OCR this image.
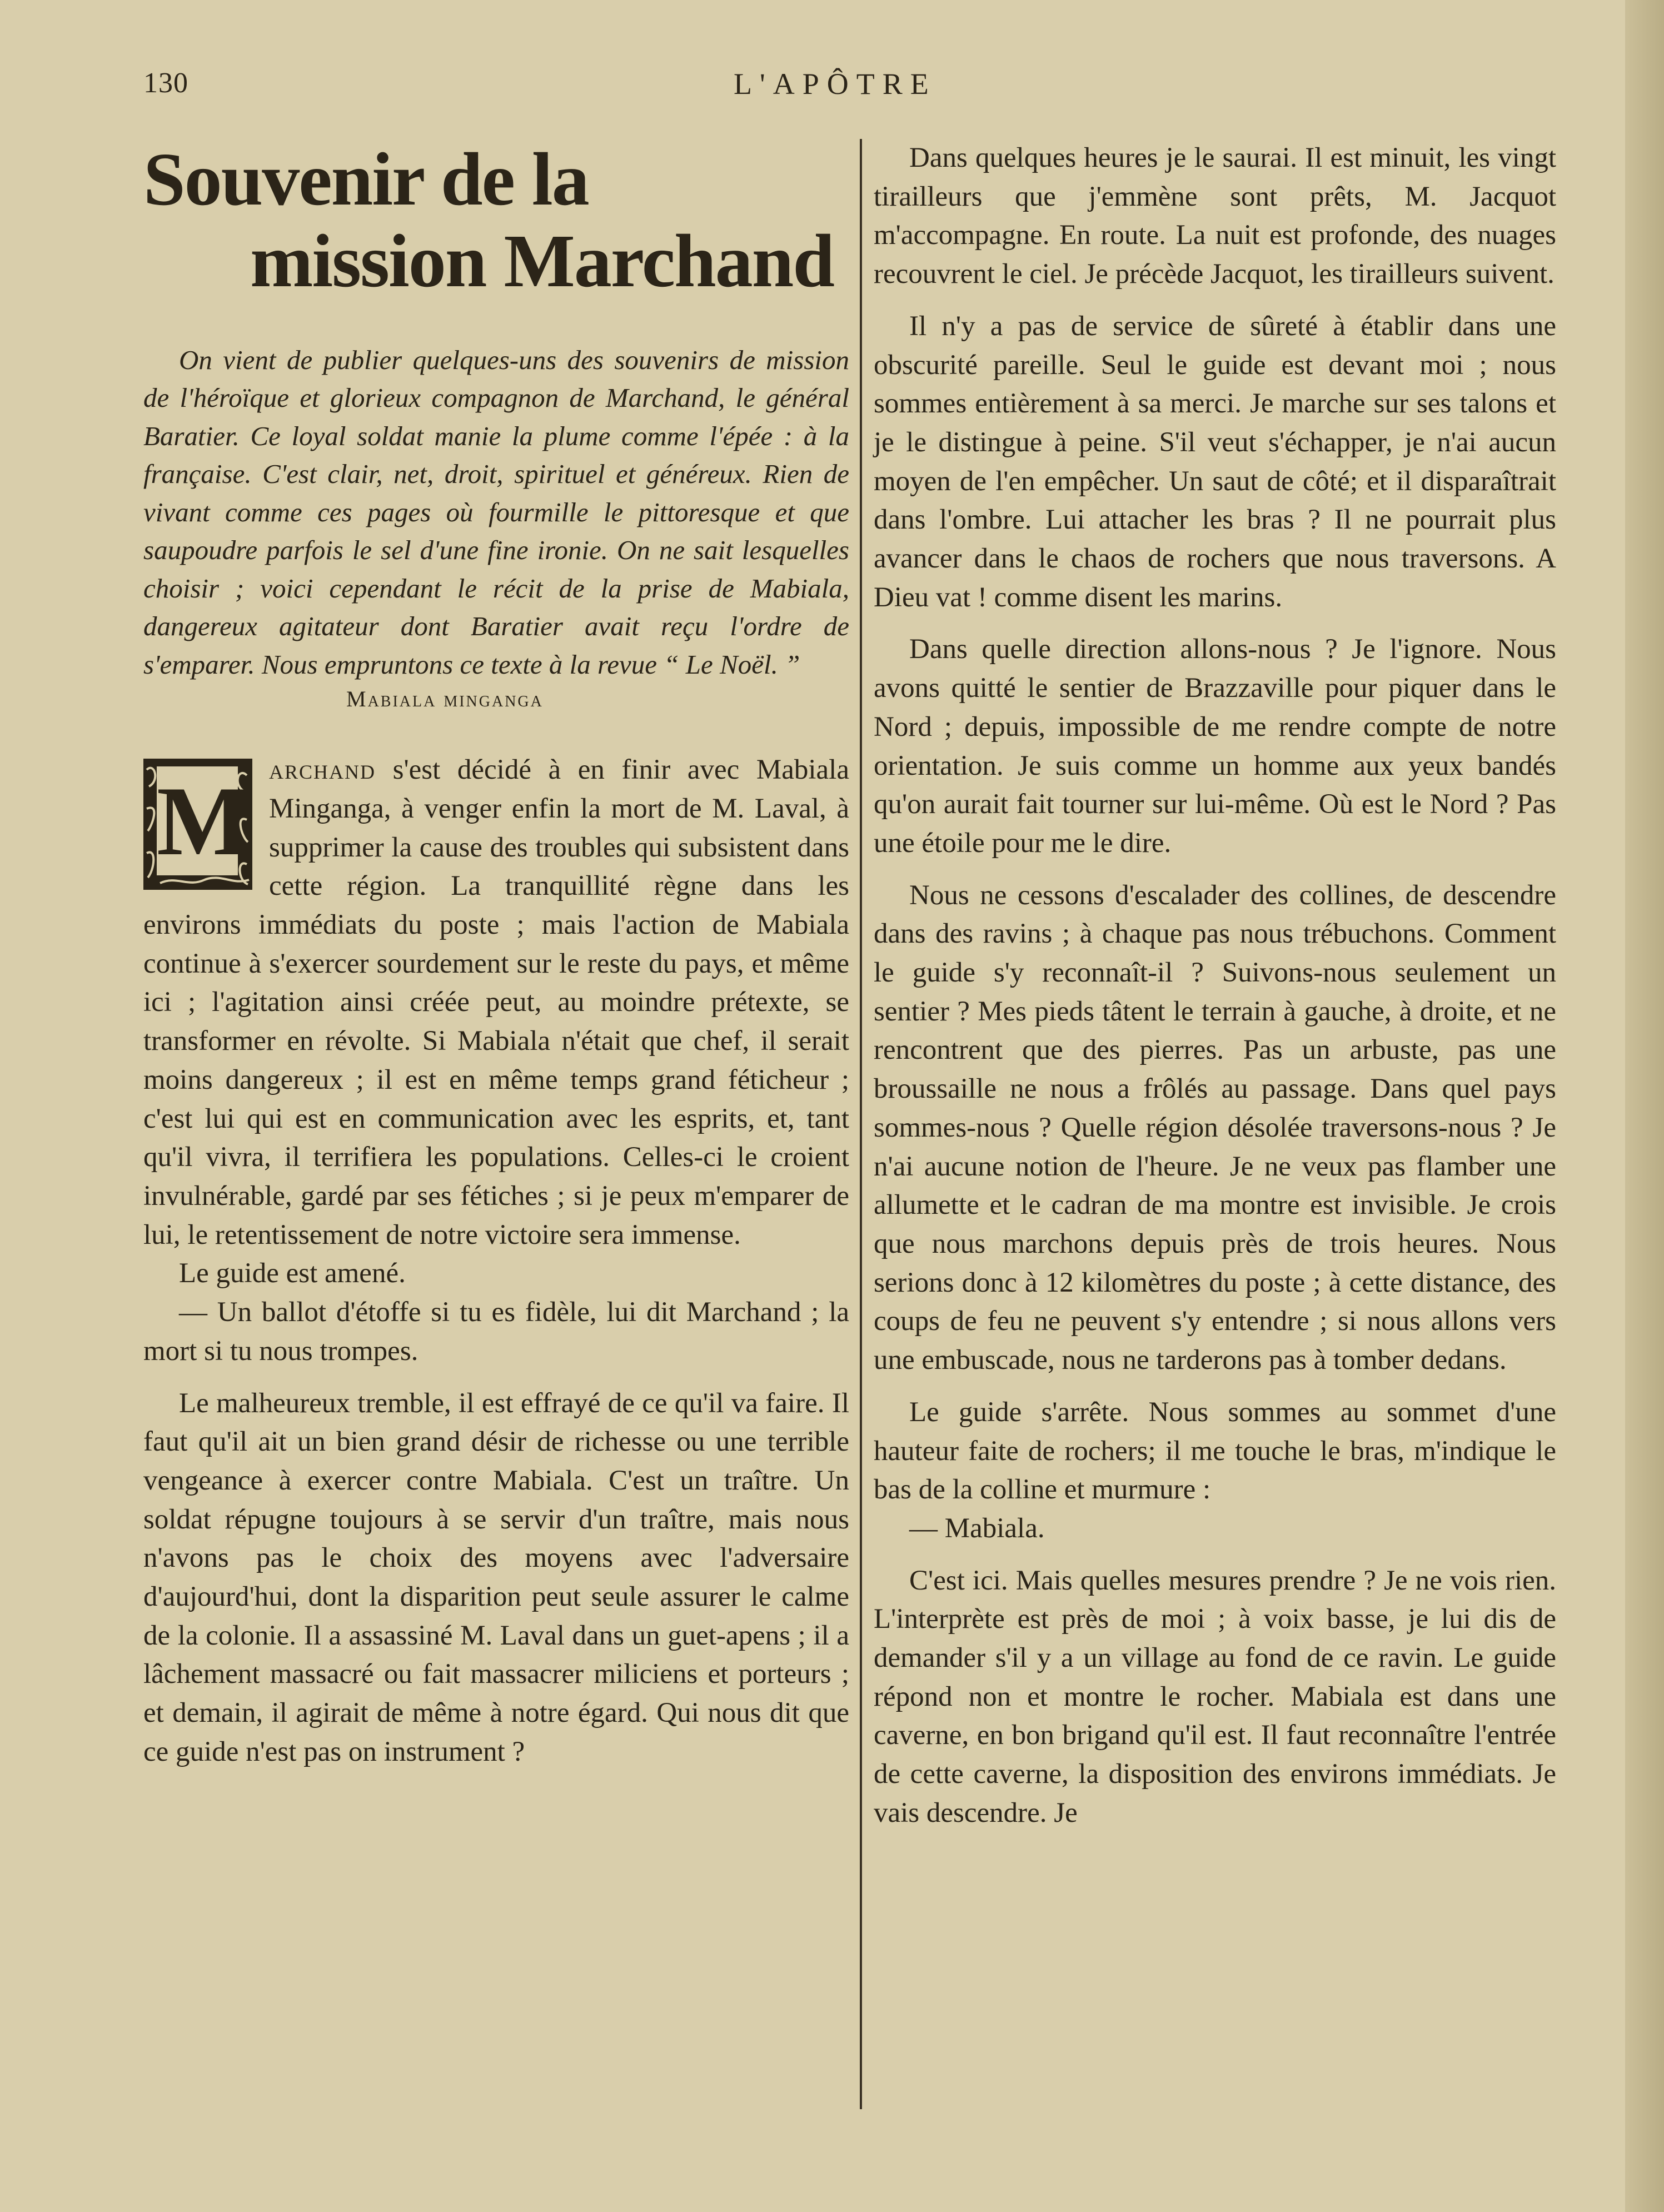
130	L'APÔTRE
Souvenir de la
mission Marchand
On vient de publier quelques-uns des souvenirs de mission de l'héroïque et glorieux compagnon de Marchand, le général Baratier. Ce loyal soldat manie la plume comme l'épée : à la française. C'est clair, net, droit, spirituel et généreux. Rien de vivant comme ces pages où fourmille le pittoresque et que saupoudre parfois le sel d'une fine ironie. On ne sait lesquelles choisir ; voici cependant le récit de la prise de Mabiala, dangereux agitateur dont Baratier avait reçu l'ordre de s'emparer. Nous empruntons ce texte à la revue “ Le Noël. ”
Mabiala minganga
M archand s'est décidé à en finir avec Mabiala Minganga, à venger enfin la mort de M. Laval, à supprimer la cause des troubles qui subsistent dans cette région. La tranquillité règne dans les environs immédiats du poste ; mais l'action de Mabiala continue à s'exercer sourdement sur le reste du pays, et même ici ; l'agitation ainsi créée peut, au moindre prétexte, se transformer en révolte. Si Mabiala n'était que chef, il serait moins dangereux ; il est en même temps grand féticheur ; c'est lui qui est en communication avec les esprits, et, tant qu'il vivra, il terrifiera les populations. Celles-ci le croient invulnérable, gardé par ses fétiches ; si je peux m'emparer de lui, le retentissement de notre victoire sera immense.

Le guide est amené.

— Un ballot d'étoffe si tu es fidèle, lui dit Marchand ; la mort si tu nous trompes.

Le malheureux tremble, il est effrayé de ce qu'il va faire. Il faut qu'il ait un bien grand désir de richesse ou une terrible vengeance à exercer contre Mabiala. C'est un traître. Un soldat répugne toujours à se servir d'un traître, mais nous n'avons pas le choix des moyens avec l'adversaire d'aujourd'hui, dont la disparition peut seule assurer le calme de la colonie. Il a assassiné M. Laval dans un guet-apens ; il a lâchement massacré ou fait massacrer miliciens et porteurs ; et demain, il agirait de même à notre égard. Qui nous dit que ce guide n'est pas on instrument ?

Dans quelques heures je le saurai. Il est minuit, les vingt tirailleurs que j'emmène sont prêts, M. Jacquot m'accompagne. En route. La nuit est profonde, des nuages recouvrent le ciel. Je précède Jacquot, les tirailleurs suivent.

Il n'y a pas de service de sûreté à établir dans une obscurité pareille. Seul le guide est devant moi ; nous sommes entièrement à sa merci. Je marche sur ses talons et je le distingue à peine. S'il veut s'échapper, je n'ai aucun moyen de l'en empêcher. Un saut de côté; et il disparaîtrait dans l'ombre. Lui attacher les bras ? Il ne pourrait plus avancer dans le chaos de rochers que nous traversons. A Dieu vat ! comme disent les marins.

Dans quelle direction allons-nous ? Je l'ignore. Nous avons quitté le sentier de Brazzaville pour piquer dans le Nord ; depuis, impossible de me rendre compte de notre orientation. Je suis comme un homme aux yeux bandés qu'on aurait fait tourner sur lui-même. Où est le Nord ? Pas une étoile pour me le dire.

Nous ne cessons d'escalader des collines, de descendre dans des ravins ; à chaque pas nous trébuchons. Comment le guide s'y reconnaît-il ? Suivons-nous seulement un sentier ? Mes pieds tâtent le terrain à gauche, à droite, et ne rencontrent que des pierres. Pas un arbuste, pas une broussaille ne nous a frôlés au passage. Dans quel pays sommes-nous ? Quelle région désolée traversons-nous ? Je n'ai aucune notion de l'heure. Je ne veux pas flamber une allumette et le cadran de ma montre est invisible. Je crois que nous marchons depuis près de trois heures. Nous serions donc à 12 kilomètres du poste ; à cette distance, des coups de feu ne peuvent s'y entendre ; si nous allons vers une embuscade, nous ne tarderons pas à tomber dedans.

Le guide s'arrête. Nous sommes au sommet d'une hauteur faite de rochers; il me touche le bras, m'indique le bas de la colline et murmure :

— Mabiala.

C'est ici. Mais quelles mesures prendre ? Je ne vois rien. L'interprète est près de moi ; à voix basse, je lui dis de demander s'il y a un village au fond de ce ravin. Le guide répond non et montre le rocher. Mabiala est dans une caverne, en bon brigand qu'il est. Il faut reconnaître l'entrée de cette caverne, la disposition des environs immédiats. Je vais descendre. Je
